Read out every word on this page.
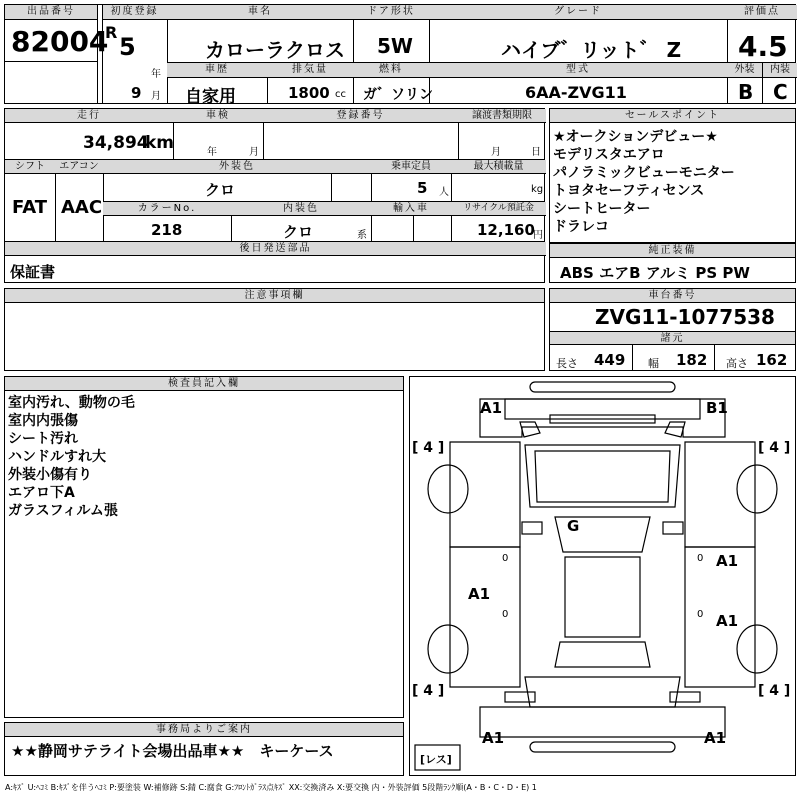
出品番号
82004
初度登録
R
5
年
9 月
車名
カローラクロス
ドア形状
5W
グレード
ハイブ゛リット゛ Z
評価点
4.5
車歴
自家用
排気量
1800 cc
燃料
ガ゛ソリン
型式
6AA-ZVG11
外装	内装
B C
走行
34,894
km
車検
年	月
登録番号	譲渡書類期限
月	日
シフト
FAT
エアコン
AAC
外装色
クロ
乗車定員
5 人
最大積載量
kg
カラーNo.
218
内装色
クロ	系
輸入車	リサイクル預託金
12,160
円
後日発送部品
保証書
セールスポイント
★オークションデビュー★
モデリスタエアロ
パノラミックビューモニター
トヨタセーフティセンス
シートヒーター
ドラレコ
純正装備
ABS エアB アルミ PS PW
注意事項欄	車台番号
ZVG11-1077538
諸元
長さ 449 幅 182 高さ 162
検査員記入欄
室内汚れ、動物の毛
室内内張傷
シート汚れ
ハンドルすれ大
外装小傷有り
エアロ下A
ガラスフィルム張
事務局よりご案内
★★静岡サテライト会場出品車★★　キーケース
A1	B1
[ 4 ]	[ 4 ]
G
0	0 A1
A1
0	0 A1
[ 4 ]	[ 4 ]
A1	A1
[レス]
A:ｷｽﾞ U:ﾍｺﾐ B:ｷｽﾞを伴うﾍｺﾐ P:要塗装 W:補修跡 S:錆 C:腐食 G:ﾌﾛﾝﾄｶﾞﾗｽ点ｷｽﾞ XX:交換済み X:要交換 内・外装評価 5段階ﾗﾝｸ順(A・B・C・D・E) 1
